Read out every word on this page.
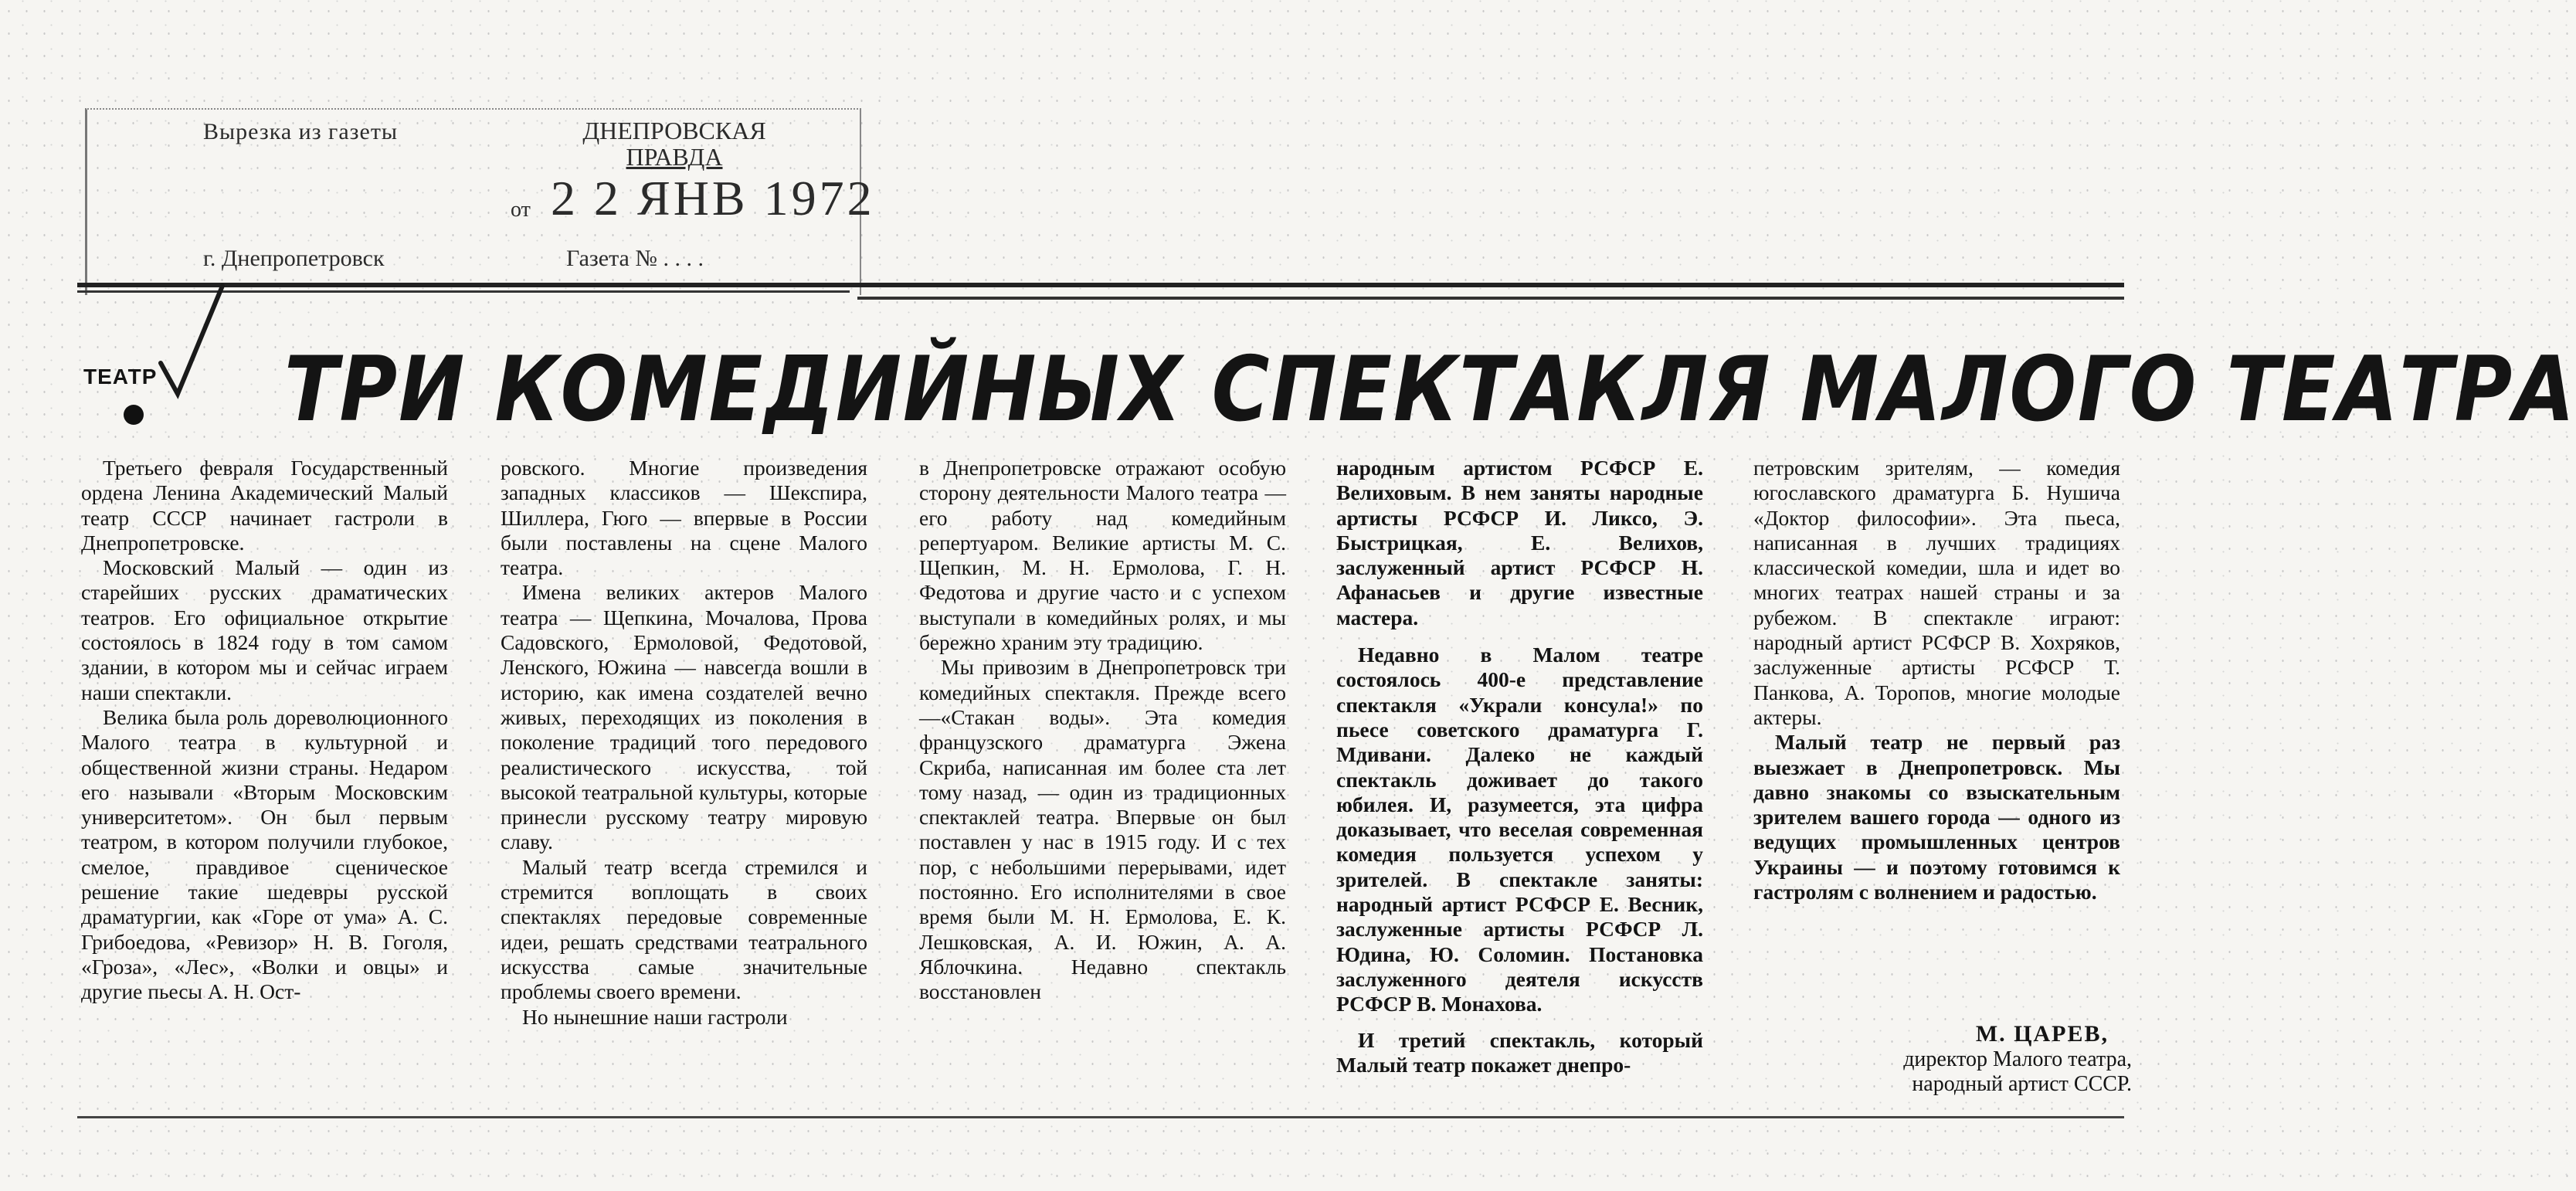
Вырезка из газеты	ДНЕПРОВСКАЯ
ПРАВДА
от 2 2 ЯНВ 1972
г. Днепропетровск	Газета № . . . .
ТЕАТР ТРИ КОМЕДИЙНЫХ СПЕКТАКЛЯ МАЛОГО ТЕАТРА

Третьего февраля Государственный ордена Ленина Академический Малый театр СССР начинает гастроли в Днепропетровске.

Московский Малый — один из старейших русских драматических театров. Его официальное открытие состоялось в 1824 году в том самом здании, в котором мы и сейчас играем наши спектакли.

Велика была роль дореволюционного Малого театра в культурной и общественной жизни страны. Недаром его называли «Вторым Московским университетом». Он был первым театром, в котором получили глубокое, смелое, правдивое сценическое решение такие шедевры русской драматургии, как «Горе от ума» А. С. Грибоедова, «Ревизор» Н. В. Гоголя, «Гроза», «Лес», «Волки и овцы» и другие пьесы А. Н. Ост-

ровского. Многие произведения западных классиков — Шекспира, Шиллера, Гюго — впервые в России были поставлены на сцене Малого театра.

Имена великих актеров Малого театра — Щепкина, Мочалова, Прова Садовского, Ермоловой, Федотовой, Ленского, Южина — навсегда вошли в историю, как имена создателей вечно живых, переходящих из поколения в поколение традиций того передового реалистического искусства, той высокой театральной культуры, которые принесли русскому театру мировую славу.

Малый театр всегда стремился и стремится воплощать в своих спектаклях передовые современные идеи, решать средствами театрального искусства самые значительные проблемы своего времени.

Но нынешние наши гастроли

в Днепропетровске отражают особую сторону деятельности Малого театра — его работу над комедийным репертуаром. Великие артисты М. С. Щепкин, М. Н. Ермолова, Г. Н. Федотова и другие часто и с успехом выступали в комедийных ролях, и мы бережно храним эту традицию.

Мы привозим в Днепропетровск три комедийных спектакля. Прежде всего—«Стакан воды». Эта комедия французского драматурга Эжена Скриба, написанная им более ста лет тому назад, — один из традиционных спектаклей театра. Впервые он был поставлен у нас в 1915 году. И с тех пор, с небольшими перерывами, идет постоянно. Его исполнителями в свое время были М. Н. Ермолова, Е. К. Лешковская, А. И. Южин, А. А. Яблочкина. Недавно спектакль восстановлен

народным артистом РСФСР Е. Велиховым. В нем заняты народные артисты РСФСР И. Ликсо, Э. Быстрицкая, Е. Велихов, заслуженный артист РСФСР Н. Афанасьев и другие известные мастера.

Недавно в Малом театре состоялось 400-е представление спектакля «Украли консула!» по пьесе советского драматурга Г. Мдивани. Далеко не каждый спектакль доживает до такого юбилея. И, разумеется, эта цифра доказывает, что веселая современная комедия пользуется успехом у зрителей. В спектакле заняты: народный артист РСФСР Е. Весник, заслуженные артисты РСФСР Л. Юдина, Ю. Соломин. Постановка заслуженного деятеля искусств РСФСР В. Монахова.

И третий спектакль, который Малый театр покажет днепро-

петровским зрителям, — комедия югославского драматурга Б. Нушича «Доктор философии». Эта пьеса, написанная в лучших традициях классической комедии, шла и идет во многих театрах нашей страны и за рубежом. В спектакле играют: народный артист РСФСР В. Хохряков, заслуженные артисты РСФСР Т. Панкова, А. Торопов, многие молодые актеры.

Малый театр не первый раз выезжает в Днепропетровск. Мы давно знакомы со взыскательным зрителем вашего города — одного из ведущих промышленных центров Украины — и поэтому готовимся к гастролям с волнением и радостью.

М. ЦАРЕВ,
директор Малого театра,
народный артист СССР.
